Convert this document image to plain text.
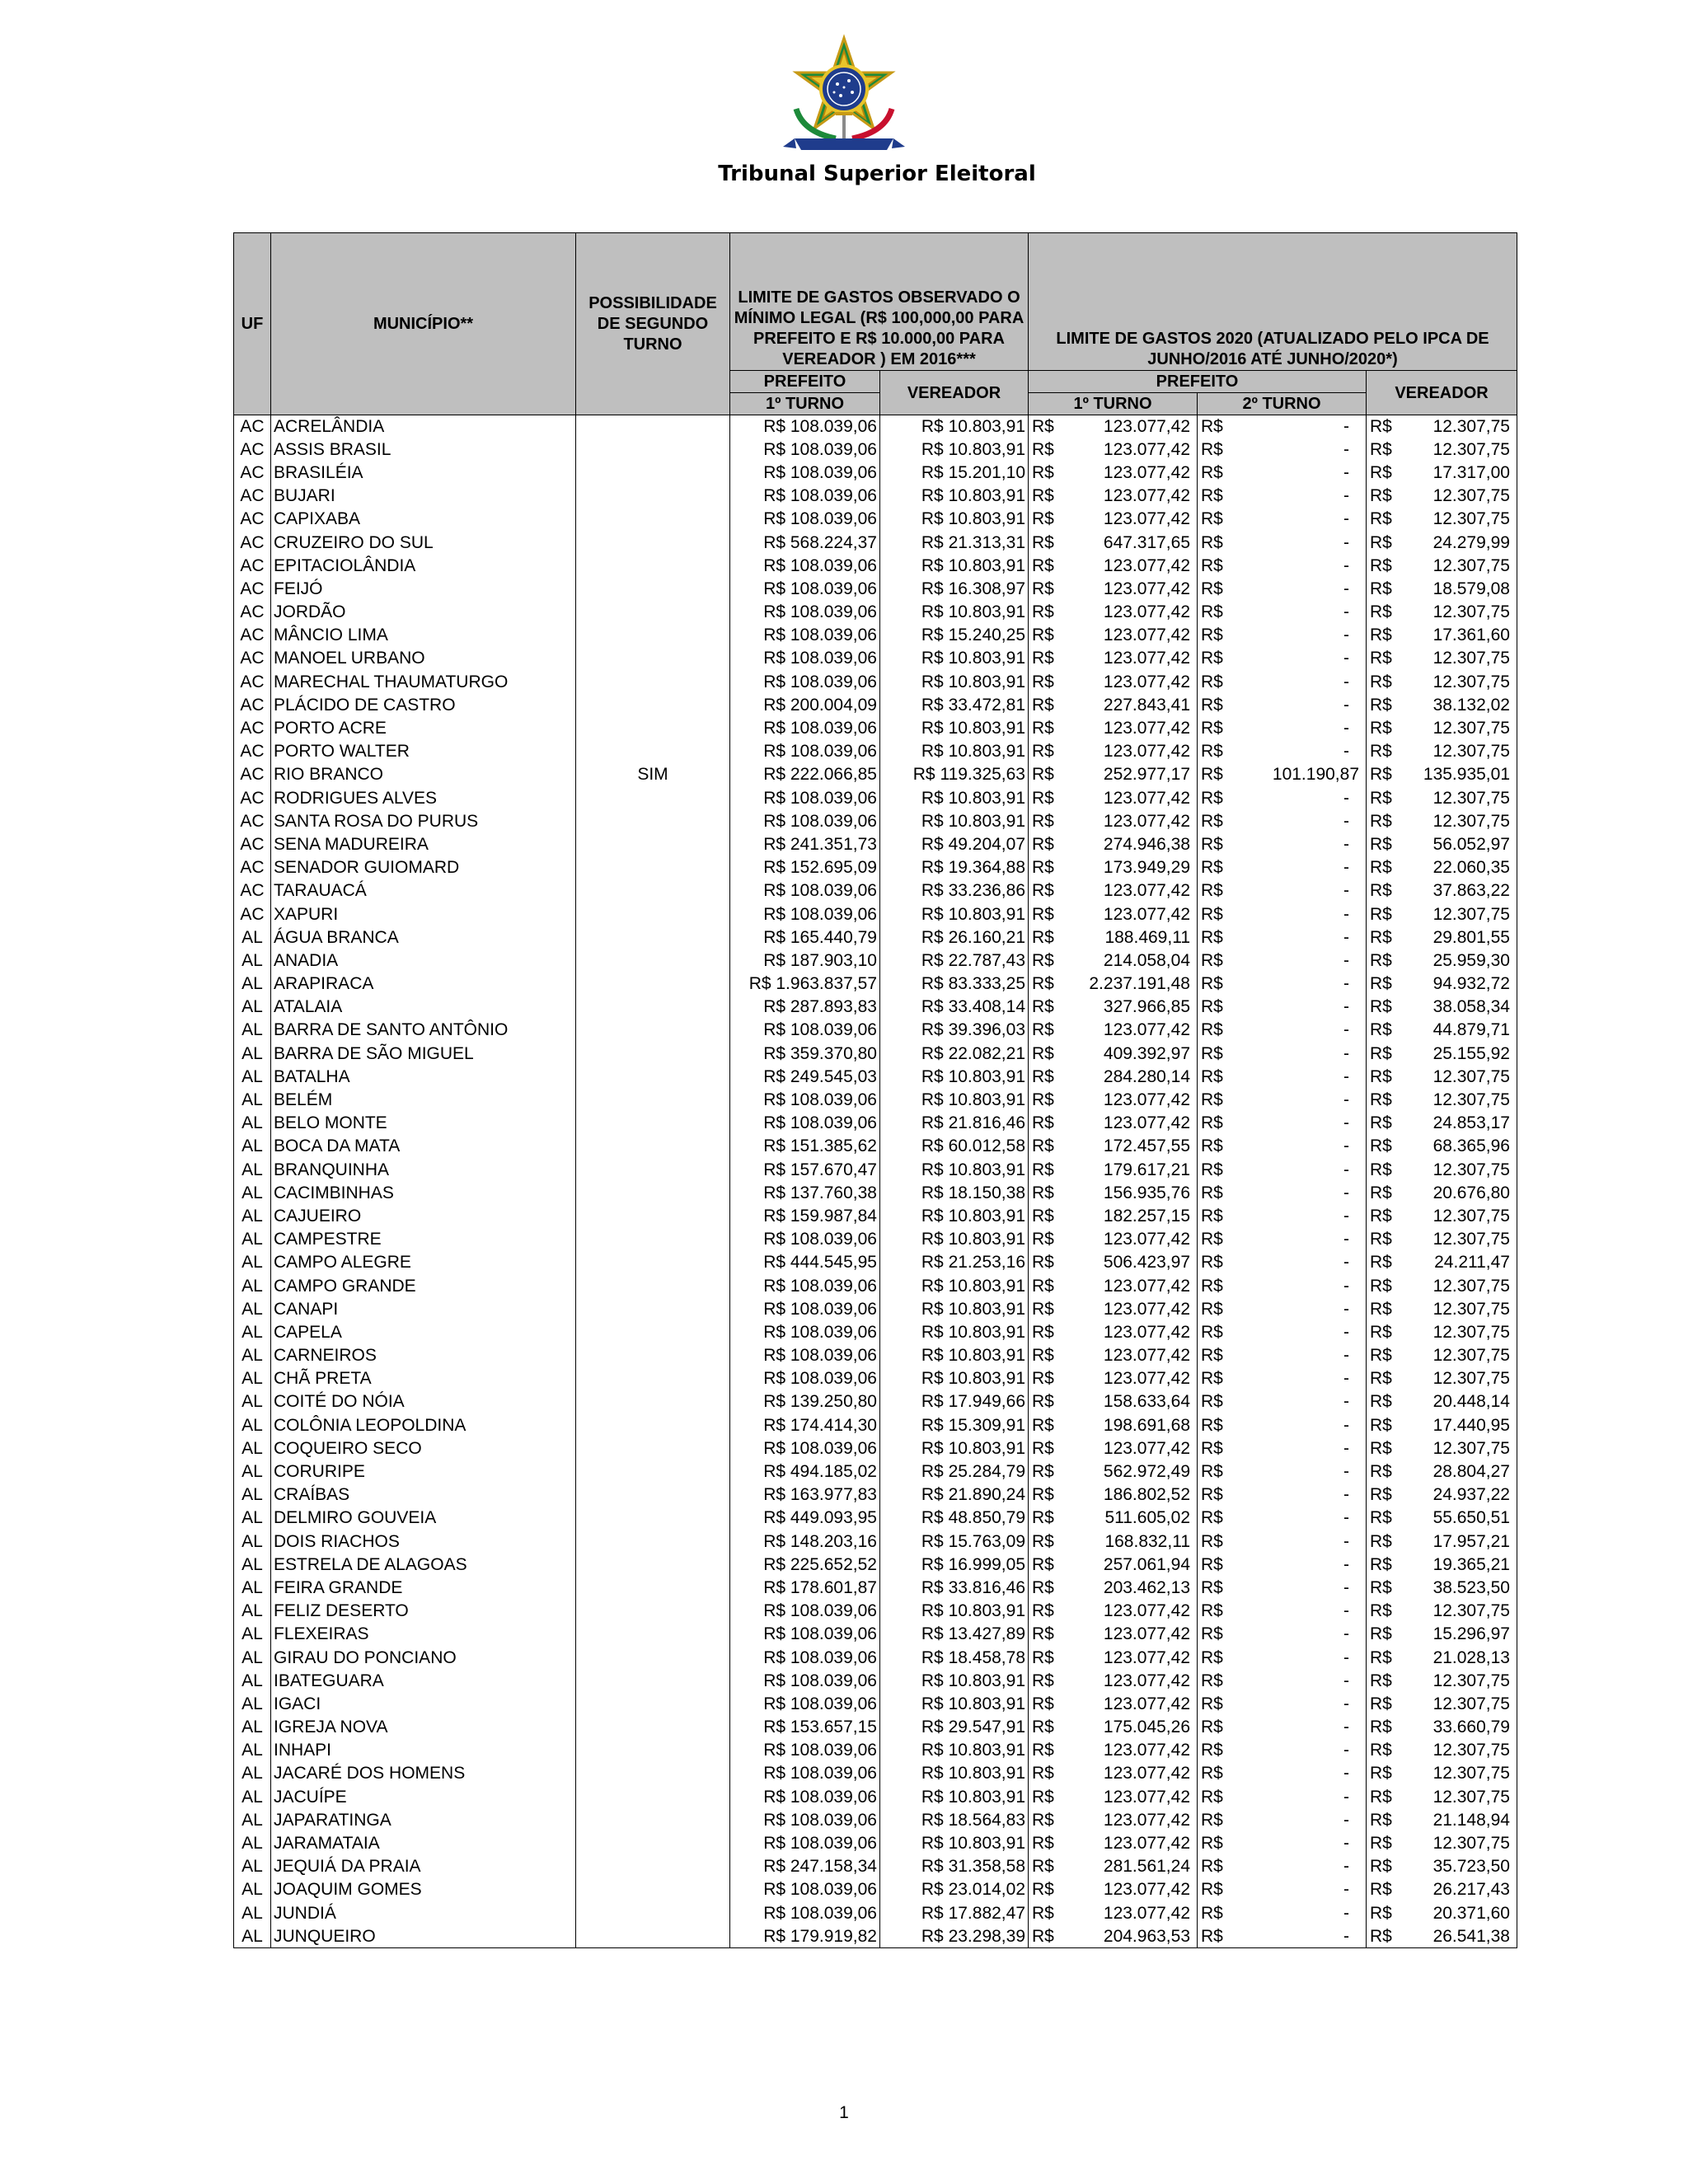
Tribunal Superior Eleitoral
UF	MUNICÍPIO**	POSSIBILIDADE DE SEGUNDO TURNO	LIMITE DE GASTOS OBSERVADO O MÍNIMO LEGAL (R$ 100,000,00 PARA PREFEITO E R$ 10.000,00 PARA VEREADOR ) EM 2016***		LIMITE DE GASTOS 2020 (ATUALIZADO PELO IPCA DE JUNHO/2016 ATÉ JUNHO/2020*)		
			PREFEITO	VEREADOR	PREFEITO		VEREADOR
			1º TURNO		1º TURNO	2º TURNO	
AC	ACRELÂNDIA		R$ 108.039,06	R$ 10.803,91	R$	123.077,42	R$	-	R$	12.307,75
AC	ASSIS BRASIL		R$ 108.039,06	R$ 10.803,91	R$	123.077,42	R$	-	R$	12.307,75
AC	BRASILÉIA		R$ 108.039,06	R$ 15.201,10	R$	123.077,42	R$	-	R$	17.317,00
AC	BUJARI		R$ 108.039,06	R$ 10.803,91	R$	123.077,42	R$	-	R$	12.307,75
AC	CAPIXABA		R$ 108.039,06	R$ 10.803,91	R$	123.077,42	R$	-	R$	12.307,75
AC	CRUZEIRO DO SUL		R$ 568.224,37	R$ 21.313,31	R$	647.317,65	R$	-	R$	24.279,99
AC	EPITACIOLÂNDIA		R$ 108.039,06	R$ 10.803,91	R$	123.077,42	R$	-	R$	12.307,75
AC	FEIJÓ		R$ 108.039,06	R$ 16.308,97	R$	123.077,42	R$	-	R$	18.579,08
AC	JORDÃO		R$ 108.039,06	R$ 10.803,91	R$	123.077,42	R$	-	R$	12.307,75
AC	MÂNCIO LIMA		R$ 108.039,06	R$ 15.240,25	R$	123.077,42	R$	-	R$	17.361,60
AC	MANOEL URBANO		R$ 108.039,06	R$ 10.803,91	R$	123.077,42	R$	-	R$	12.307,75
AC	MARECHAL THAUMATURGO		R$ 108.039,06	R$ 10.803,91	R$	123.077,42	R$	-	R$	12.307,75
AC	PLÁCIDO DE CASTRO		R$ 200.004,09	R$ 33.472,81	R$	227.843,41	R$	-	R$	38.132,02
AC	PORTO ACRE		R$ 108.039,06	R$ 10.803,91	R$	123.077,42	R$	-	R$	12.307,75
AC	PORTO WALTER		R$ 108.039,06	R$ 10.803,91	R$	123.077,42	R$	-	R$	12.307,75
AC	RIO BRANCO	SIM	R$ 222.066,85	R$ 119.325,63	R$	252.977,17	R$	101.190,87	R$	135.935,01
AC	RODRIGUES ALVES		R$ 108.039,06	R$ 10.803,91	R$	123.077,42	R$	-	R$	12.307,75
AC	SANTA ROSA DO PURUS		R$ 108.039,06	R$ 10.803,91	R$	123.077,42	R$	-	R$	12.307,75
AC	SENA MADUREIRA		R$ 241.351,73	R$ 49.204,07	R$	274.946,38	R$	-	R$	56.052,97
AC	SENADOR GUIOMARD		R$ 152.695,09	R$ 19.364,88	R$	173.949,29	R$	-	R$	22.060,35
AC	TARAUACÁ		R$ 108.039,06	R$ 33.236,86	R$	123.077,42	R$	-	R$	37.863,22
AC	XAPURI		R$ 108.039,06	R$ 10.803,91	R$	123.077,42	R$	-	R$	12.307,75
AL	ÁGUA BRANCA		R$ 165.440,79	R$ 26.160,21	R$	188.469,11	R$	-	R$	29.801,55
AL	ANADIA		R$ 187.903,10	R$ 22.787,43	R$	214.058,04	R$	-	R$	25.959,30
AL	ARAPIRACA		R$ 1.963.837,57	R$ 83.333,25	R$	2.237.191,48	R$	-	R$	94.932,72
AL	ATALAIA		R$ 287.893,83	R$ 33.408,14	R$	327.966,85	R$	-	R$	38.058,34
AL	BARRA DE SANTO ANTÔNIO		R$ 108.039,06	R$ 39.396,03	R$	123.077,42	R$	-	R$	44.879,71
AL	BARRA DE SÃO MIGUEL		R$ 359.370,80	R$ 22.082,21	R$	409.392,97	R$	-	R$	25.155,92
AL	BATALHA		R$ 249.545,03	R$ 10.803,91	R$	284.280,14	R$	-	R$	12.307,75
AL	BELÉM		R$ 108.039,06	R$ 10.803,91	R$	123.077,42	R$	-	R$	12.307,75
AL	BELO MONTE		R$ 108.039,06	R$ 21.816,46	R$	123.077,42	R$	-	R$	24.853,17
AL	BOCA DA MATA		R$ 151.385,62	R$ 60.012,58	R$	172.457,55	R$	-	R$	68.365,96
AL	BRANQUINHA		R$ 157.670,47	R$ 10.803,91	R$	179.617,21	R$	-	R$	12.307,75
AL	CACIMBINHAS		R$ 137.760,38	R$ 18.150,38	R$	156.935,76	R$	-	R$	20.676,80
AL	CAJUEIRO		R$ 159.987,84	R$ 10.803,91	R$	182.257,15	R$	-	R$	12.307,75
AL	CAMPESTRE		R$ 108.039,06	R$ 10.803,91	R$	123.077,42	R$	-	R$	12.307,75
AL	CAMPO ALEGRE		R$ 444.545,95	R$ 21.253,16	R$	506.423,97	R$	-	R$	24.211,47
AL	CAMPO GRANDE		R$ 108.039,06	R$ 10.803,91	R$	123.077,42	R$	-	R$	12.307,75
AL	CANAPI		R$ 108.039,06	R$ 10.803,91	R$	123.077,42	R$	-	R$	12.307,75
AL	CAPELA		R$ 108.039,06	R$ 10.803,91	R$	123.077,42	R$	-	R$	12.307,75
AL	CARNEIROS		R$ 108.039,06	R$ 10.803,91	R$	123.077,42	R$	-	R$	12.307,75
AL	CHÃ PRETA		R$ 108.039,06	R$ 10.803,91	R$	123.077,42	R$	-	R$	12.307,75
AL	COITÉ DO NÓIA		R$ 139.250,80	R$ 17.949,66	R$	158.633,64	R$	-	R$	20.448,14
AL	COLÔNIA LEOPOLDINA		R$ 174.414,30	R$ 15.309,91	R$	198.691,68	R$	-	R$	17.440,95
AL	COQUEIRO SECO		R$ 108.039,06	R$ 10.803,91	R$	123.077,42	R$	-	R$	12.307,75
AL	CORURIPE		R$ 494.185,02	R$ 25.284,79	R$	562.972,49	R$	-	R$	28.804,27
AL	CRAÍBAS		R$ 163.977,83	R$ 21.890,24	R$	186.802,52	R$	-	R$	24.937,22
AL	DELMIRO GOUVEIA		R$ 449.093,95	R$ 48.850,79	R$	511.605,02	R$	-	R$	55.650,51
AL	DOIS RIACHOS		R$ 148.203,16	R$ 15.763,09	R$	168.832,11	R$	-	R$	17.957,21
AL	ESTRELA DE ALAGOAS		R$ 225.652,52	R$ 16.999,05	R$	257.061,94	R$	-	R$	19.365,21
AL	FEIRA GRANDE		R$ 178.601,87	R$ 33.816,46	R$	203.462,13	R$	-	R$	38.523,50
AL	FELIZ DESERTO		R$ 108.039,06	R$ 10.803,91	R$	123.077,42	R$	-	R$	12.307,75
AL	FLEXEIRAS		R$ 108.039,06	R$ 13.427,89	R$	123.077,42	R$	-	R$	15.296,97
AL	GIRAU DO PONCIANO		R$ 108.039,06	R$ 18.458,78	R$	123.077,42	R$	-	R$	21.028,13
AL	IBATEGUARA		R$ 108.039,06	R$ 10.803,91	R$	123.077,42	R$	-	R$	12.307,75
AL	IGACI		R$ 108.039,06	R$ 10.803,91	R$	123.077,42	R$	-	R$	12.307,75
AL	IGREJA NOVA		R$ 153.657,15	R$ 29.547,91	R$	175.045,26	R$	-	R$	33.660,79
AL	INHAPI		R$ 108.039,06	R$ 10.803,91	R$	123.077,42	R$	-	R$	12.307,75
AL	JACARÉ DOS HOMENS		R$ 108.039,06	R$ 10.803,91	R$	123.077,42	R$	-	R$	12.307,75
AL	JACUÍPE		R$ 108.039,06	R$ 10.803,91	R$	123.077,42	R$	-	R$	12.307,75
AL	JAPARATINGA		R$ 108.039,06	R$ 18.564,83	R$	123.077,42	R$	-	R$	21.148,94
AL	JARAMATAIA		R$ 108.039,06	R$ 10.803,91	R$	123.077,42	R$	-	R$	12.307,75
AL	JEQUIÁ DA PRAIA		R$ 247.158,34	R$ 31.358,58	R$	281.561,24	R$	-	R$	35.723,50
AL	JOAQUIM GOMES		R$ 108.039,06	R$ 23.014,02	R$	123.077,42	R$	-	R$	26.217,43
AL	JUNDIÁ		R$ 108.039,06	R$ 17.882,47	R$	123.077,42	R$	-	R$	20.371,60
AL	JUNQUEIRO		R$ 179.919,82	R$ 23.298,39	R$	204.963,53	R$	-	R$	26.541,38
1
